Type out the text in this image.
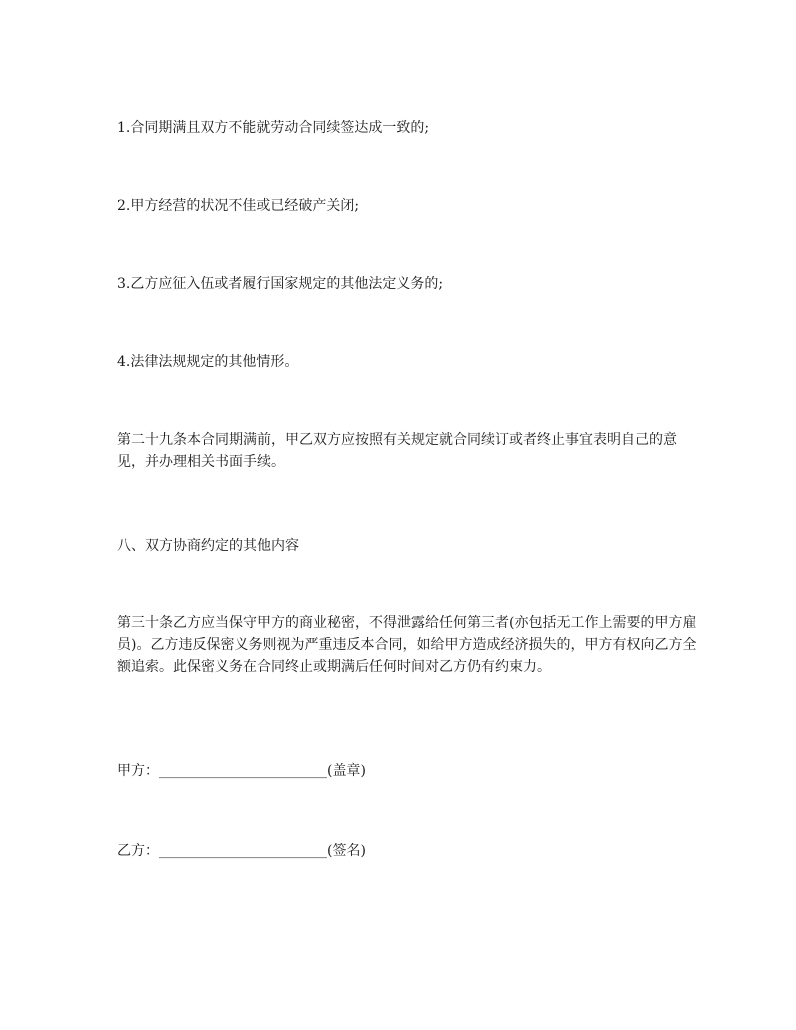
1.合同期满且双方不能就劳动合同续签达成一致的;

2.甲方经营的状况不佳或已经破产关闭;

3.乙方应征入伍或者履行国家规定的其他法定义务的;

4.法律法规规定的其他情形。

第二十九条本合同期满前，甲乙双方应按照有关规定就合同续订或者终止事宜表明自己的意见，并办理相关书面手续。

八、双方协商约定的其他内容

第三十条乙方应当保守甲方的商业秘密，不得泄露给任何第三者(亦包括无工作上需要的甲方雇员)。乙方违反保密义务则视为严重违反本合同，如给甲方造成经济损失的，甲方有权向乙方全额追索。此保密义务在合同终止或期满后任何时间对乙方仍有约束力。

甲方：________________________(盖章)

乙方：________________________(签名)
